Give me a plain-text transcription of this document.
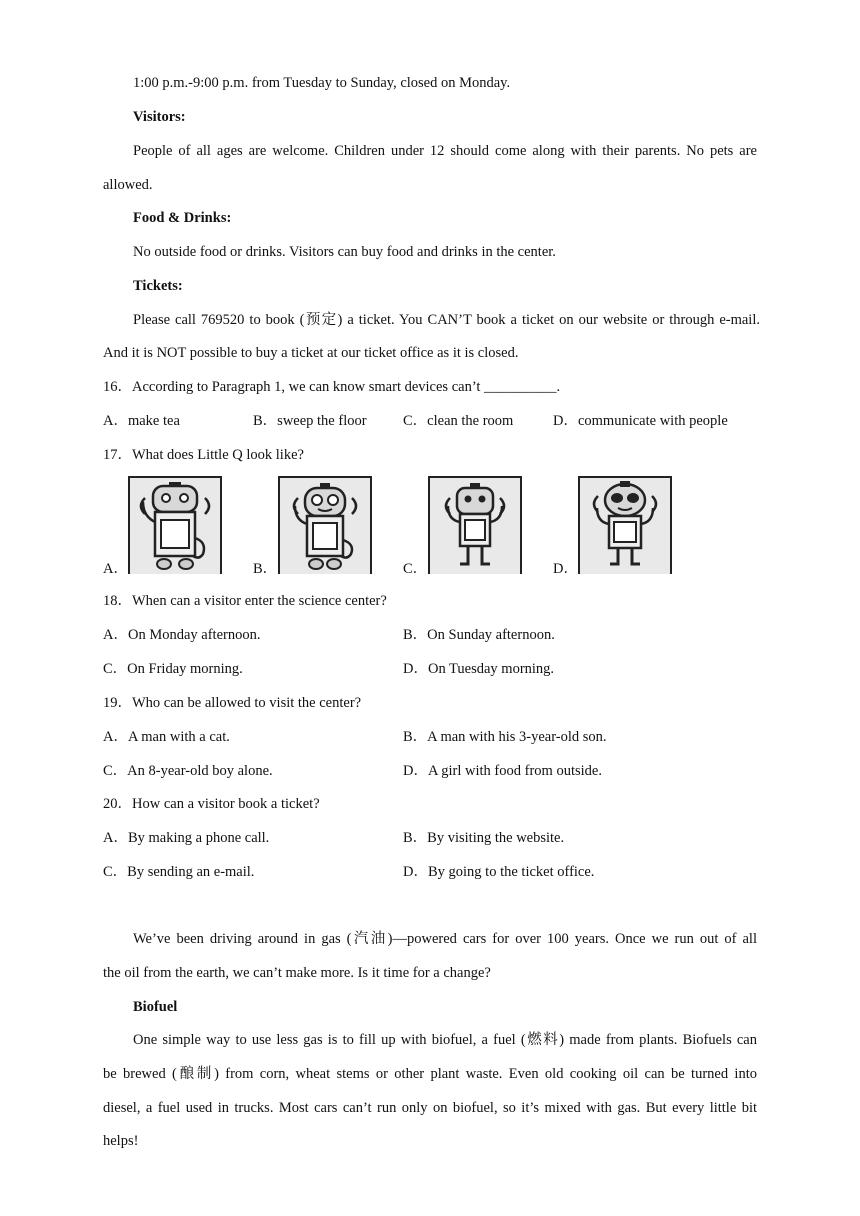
1:00 p.m.-9:00 p.m. from Tuesday to Sunday, closed on Monday.
Visitors:
People of all ages are welcome. Children under 12 should come along with their parents. No pets are
allowed.
Food & Drinks:
No outside food or drinks. Visitors can buy food and drinks in the center.
Tickets:
Please call 769520 to book (预定) a ticket. You CAN’T book a ticket on our website or through e-mail.
And it is NOT possible to buy a ticket at our ticket office as it is closed.
16．According to Paragraph 1, we can know smart devices can’t __________.
A．make tea	B．sweep the floor	C．clean the room	D．communicate with people
17．What does Little Q look like?
A．	B．	C．	D．
18．When can a visitor enter the science center?
A．On Monday afternoon.	B．On Sunday afternoon.
C．On Friday morning.	D．On Tuesday morning.
19．Who can be allowed to visit the center?
A．A man with a cat.	B．A man with his 3-year-old son.
C．An 8-year-old boy alone.	D．A girl with food from outside.
20．How can a visitor book a ticket?
A．By making a phone call.	B．By visiting the website.
C．By sending an e-mail.	D．By going to the ticket office.
We’ve been driving around in gas (汽油)—powered cars for over 100 years. Once we run out of all
the oil from the earth, we can’t make more. Is it time for a change?
Biofuel
One simple way to use less gas is to fill up with biofuel, a fuel (燃料) made from plants. Biofuels can
be brewed (酿制) from corn, wheat stems or other plant waste. Even old cooking oil can be turned into
diesel, a fuel used in trucks. Most cars can’t run only on biofuel, so it’s mixed with gas. But every little bit
helps!
